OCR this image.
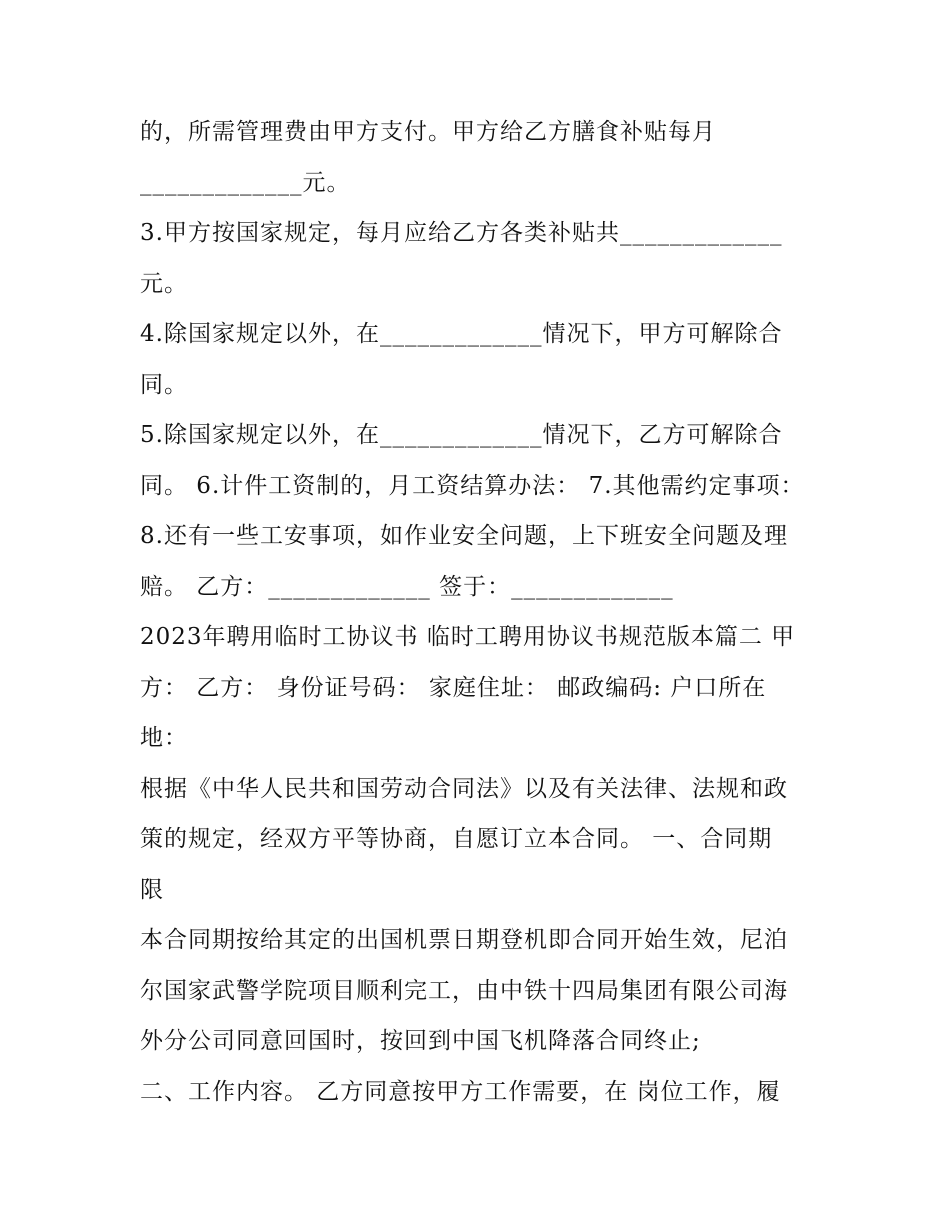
的，所需管理费由甲方支付。甲方给乙方膳食补贴每月
_____________元。
3.甲方按国家规定，每月应给乙方各类补贴共_____________
元。
4.除国家规定以外，在_____________情况下，甲方可解除合
同。
5.除国家规定以外，在_____________情况下，乙方可解除合
同。 6.计件工资制的，月工资结算办法： 7.其他需约定事项：
8.还有一些工安事项，如作业安全问题，上下班安全问题及理
赔。 乙方：_____________ 签于：_____________
2023年聘用临时工协议书 临时工聘用协议书规范版本篇二 甲
方： 乙方： 身份证号码： 家庭住址： 邮政编码: 户口所在
地：
根据《中华人民共和国劳动合同法》以及有关法律、法规和政
策的规定，经双方平等协商，自愿订立本合同。 一、合同期
限
本合同期按给其定的出国机票日期登机即合同开始生效，尼泊
尔国家武警学院项目顺利完工，由中铁十四局集团有限公司海
外分公司同意回国时，按回到中国飞机降落合同终止;
二、工作内容。 乙方同意按甲方工作需要，在 岗位工作，履
